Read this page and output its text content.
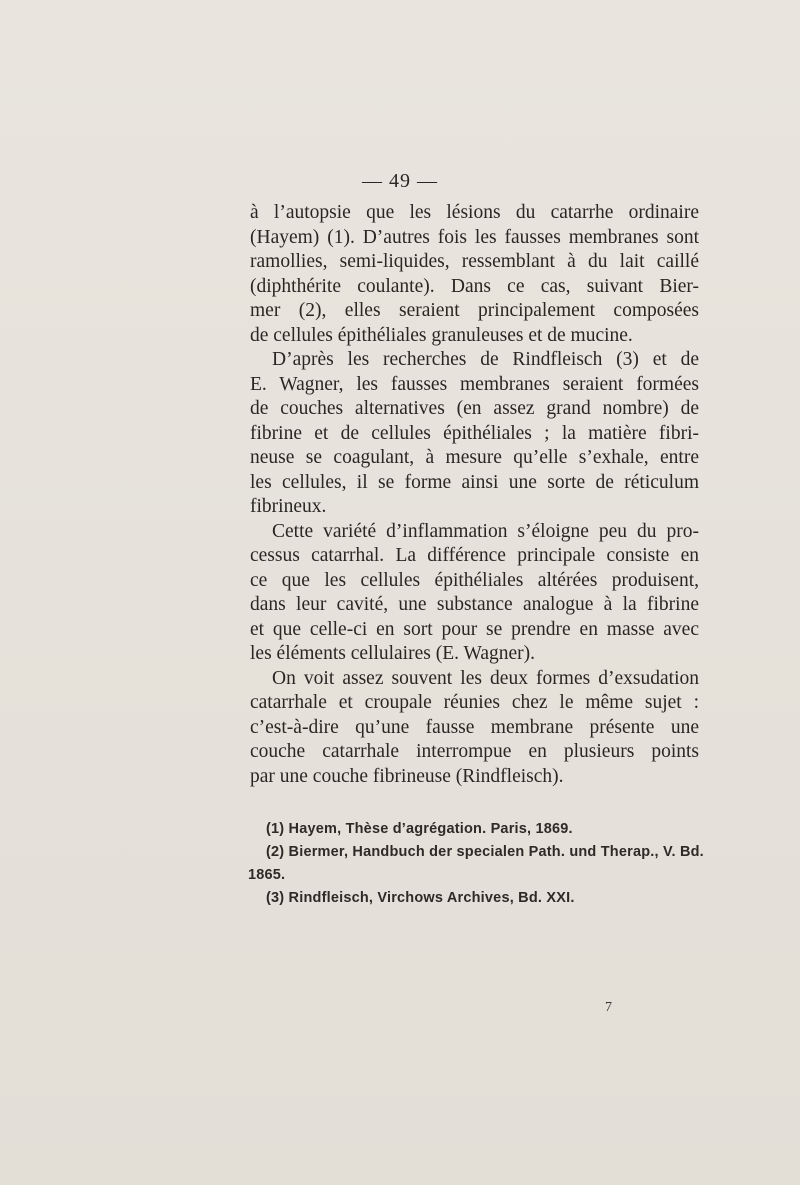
— 49 —
à l’autopsie que les lésions du catarrhe ordinaire
(Hayem) (1). D’autres fois les fausses membranes sont
ramollies, semi-liquides, ressemblant à du lait caillé
(diphthérite coulante). Dans ce cas, suivant Bier-
mer (2), elles seraient principalement composées
de cellules épithéliales granuleuses et de mucine.
D’après les recherches de Rindfleisch (3) et de
E. Wagner, les fausses membranes seraient formées
de couches alternatives (en assez grand nombre) de
fibrine et de cellules épithéliales ; la matière fibri-
neuse se coagulant, à mesure qu’elle s’exhale, entre
les cellules, il se forme ainsi une sorte de réticulum
fibrineux.
Cette variété d’inflammation s’éloigne peu du pro-
cessus catarrhal. La différence principale consiste en
ce que les cellules épithéliales altérées produisent,
dans leur cavité, une substance analogue à la fibrine
et que celle-ci en sort pour se prendre en masse avec
les éléments cellulaires (E. Wagner).
On voit assez souvent les deux formes d’exsudation
catarrhale et croupale réunies chez le même sujet :
c’est-à-dire qu’une fausse membrane présente une
couche catarrhale interrompue en plusieurs points
par une couche fibrineuse (Rindfleisch).
(1) Hayem, Thèse d’agrégation. Paris, 1869.
(2) Biermer, Handbuch der specialen Path. und Therap., V. Bd.
1865.
(3) Rindfleisch, Virchows Archives, Bd. XXI.
7
